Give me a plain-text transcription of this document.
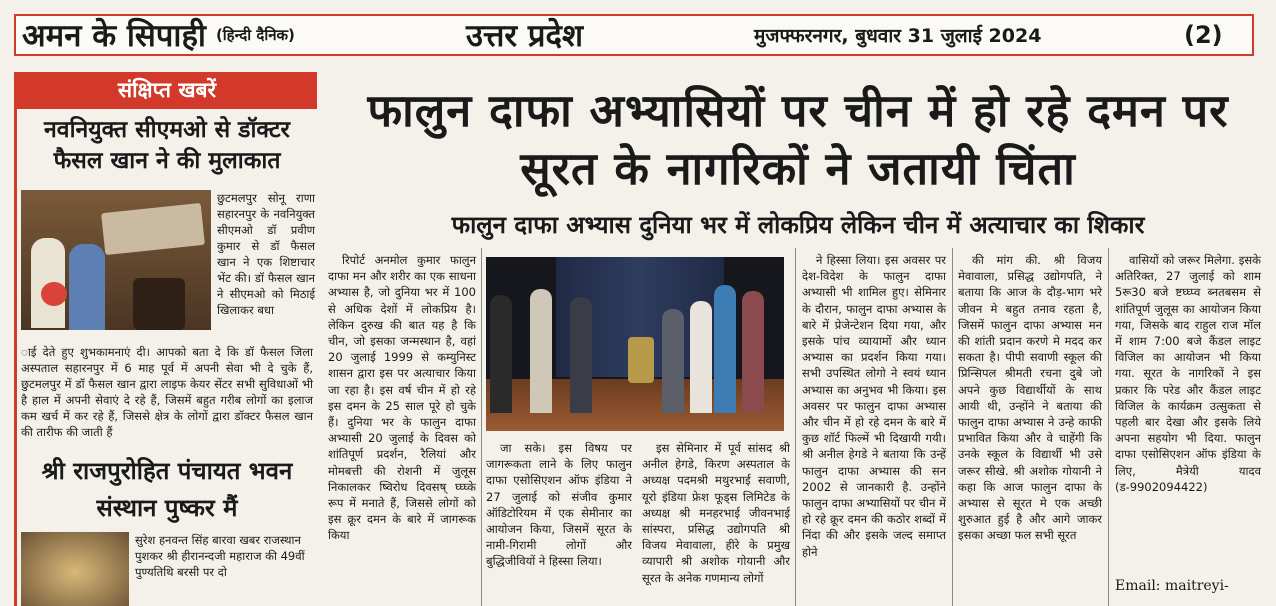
अमन के सिपाही (हिन्दी दैनिक)	उत्तर प्रदेश	मुजफ्फरनगर, बुधवार 31 जुलाई 2024	(2)
संक्षिप्त खबरें
नवनियुक्त सीएमओ से डॉक्टर फैसल खान ने की मुलाकात
छुटमलपुर सोनू राणा सहारनपुर के नवनियुक्त सीएमओ डॉ प्रवीण कुमार से डॉ फैसल खान ने एक शिष्टाचार भेंट की। डॉ फैसल खान ने सीएमओ को मिठाई खिलाकर बधा
ाई देते हुए शुभकामनाएं दी। आपको बता दे कि डॉ फैसल जिला अस्पताल सहारनपुर में 6 माह पूर्व में अपनी सेवा भी दे चुके हैं, छुटमलपुर में डॉ फैसल खान द्वारा लाइफ केयर सेंटर सभी सुविधाओं भी है हाल में अपनी सेवाएं दे रहे हैं, जिसमें बहुत गरीब लोगों का इलाज कम खर्च में कर रहे हैं, जिससे क्षेत्र के लोगों द्वारा डॉक्टर फैसल खान की तारीफ की जाती हैं
श्री राजपुरोहित पंचायत भवन संस्थान पुष्कर मैं
सुरेश हनवन्त सिंह बारवा खबर राजस्थान पुशकर श्री हीरानन्दजी महाराज की 49वीं पुण्यतिथि बरसी पर दो
फालुन दाफा अभ्यासियों पर चीन में हो रहे दमन पर सूरत के नागरिकों ने जतायी चिंता
फालुन दाफा अभ्यास दुनिया भर में लोकप्रिय लेकिन चीन में अत्याचार का शिकार

रिपोर्ट अनमोल कुमार फालुन दाफा मन और शरीर का एक साधना अभ्यास है, जो दुनिया भर में 100 से अधिक देशों में लोकप्रिय है। लेकिन दुरुख की बात यह है कि चीन, जो इसका जन्मस्थान है, वहां 20 जुलाई 1999 से कम्युनिस्ट शासन द्वारा इस पर अत्याचार किया जा रहा है। इस वर्ष चीन में हो रहे इस दमन के 25 साल पूरे हो चुके हैं। दुनिया भर के फालुन दाफा अभ्यासी 20 जुलाई के दिवस को शांतिपूर्ण प्रदर्शन, रैलियां और मोमबत्ती की रोशनी में जुलूस निकालकर ष्विरोध दिवसष् घ्घ्घ्के रूप में मनाते हैं, जिससे लोगों को इस क्रूर दमन के बारे में जागरूक किया

जा सके। इस विषय पर जागरूकता लाने के लिए फालुन दाफा एसोसिएशन ऑफ इंडिया ने 27 जुलाई को संजीव कुमार ऑडिटोरियम में एक सेमीनार का आयोजन किया, जिसमें सूरत के नामी-गिरामी लोगों और बुद्धिजीवियों ने हिस्सा लिया।

इस सेमिनार में पूर्व सांसद श्री अनील हेगडे, किरण अस्पताल के अध्यक्ष पदमश्री मथुरभाई सवाणी, यूरो इंडिया फ्रेश फूड्स लिमिटेड के अध्यक्ष श्री मनहरभाई जीवनभाई सांस्परा, प्रसिद्ध उद्योगपति श्री विजय मेवावाला, हीरे के प्रमुख व्यापारी श्री अशोक गोयानी और सूरत के अनेक गणमान्य लोगों

ने हिस्सा लिया। इस अवसर पर देश-विदेश के फालुन दाफा अभ्यासी भी शामिल हुए। सेमिनार के दौरान, फालुन दाफा अभ्यास के बारे में प्रेजेन्टेशन दिया गया, और इसके पांच व्यायामों और ध्यान अभ्यास का प्रदर्शन किया गया। सभी उपस्थित लोगो ने स्वयं ध्यान अभ्यास का अनुभव भी किया। इस अवसर पर फालुन दाफा अभ्यास और चीन में हो रहे दमन के बारे में कुछ शॉर्ट फिल्में भी दिखायी गयी। श्री अनील हेगडे ने बताया कि उन्हें फालुन दाफा अभ्यास की सन 2002 से जानकारी है. उन्होंने फालुन दाफा अभ्यासियों पर चीन में हो रहे क्रूर दमन की कठोर शब्दों में निंदा की और इसके जल्द समाप्त होने

की मांग की. श्री विजय मेवावाला, प्रसिद्ध उद्योगपति, ने बताया कि आज के दौड़-भाग भरे जीवन मे बहुत तनाव रहता है, जिसमें फालुन दाफा अभ्यास मन की शांती प्रदान करणे मे मदद कर सकता है। पीपी सवाणी स्कूल की प्रिन्सिपल श्रीमती रचना दुबे जो अपने कुछ विद्यार्थीयों के साथ आयी थी, उन्होंने ने बताया की फालुन दाफा अभ्यास ने उन्हे काफी प्रभावित किया और वे चाहेंगी कि उनके स्कूल के विद्यार्थी भी उसे जरूर सीखे. श्री अशोक गोयानी ने कहा कि आज फालुन दाफा के अभ्यास से सूरत मे एक अच्छी शुरुआत हुई है और आगे जाकर इसका अच्छा फल सभी सूरत

वासियों को जरूर मिलेगा. इसके अतिरिक्त, 27 जुलाई को शाम 5रू30 बजे ष्टघ्घ्प्व ब्नतबसम से शांतिपूर्ण जुलूस का आयोजन किया गया, जिसके बाद राहुल राज मॉल में शाम 7:00 बजे कैंडल लाइट विजिल का आयोजन भी किया गया. सूरत के नागरिकों ने इस प्रकार कि परेड और कैंडल लाइट विजिल के कार्यक्रम उत्सुकता से पहली बार देखा और इसके लिये अपना सहयोग भी दिया. फालुन दाफा एसोसिएशन ऑफ इंडिया के लिए, मैत्रेयी यादव (ड-9902094422)

Email: maitreyi-
